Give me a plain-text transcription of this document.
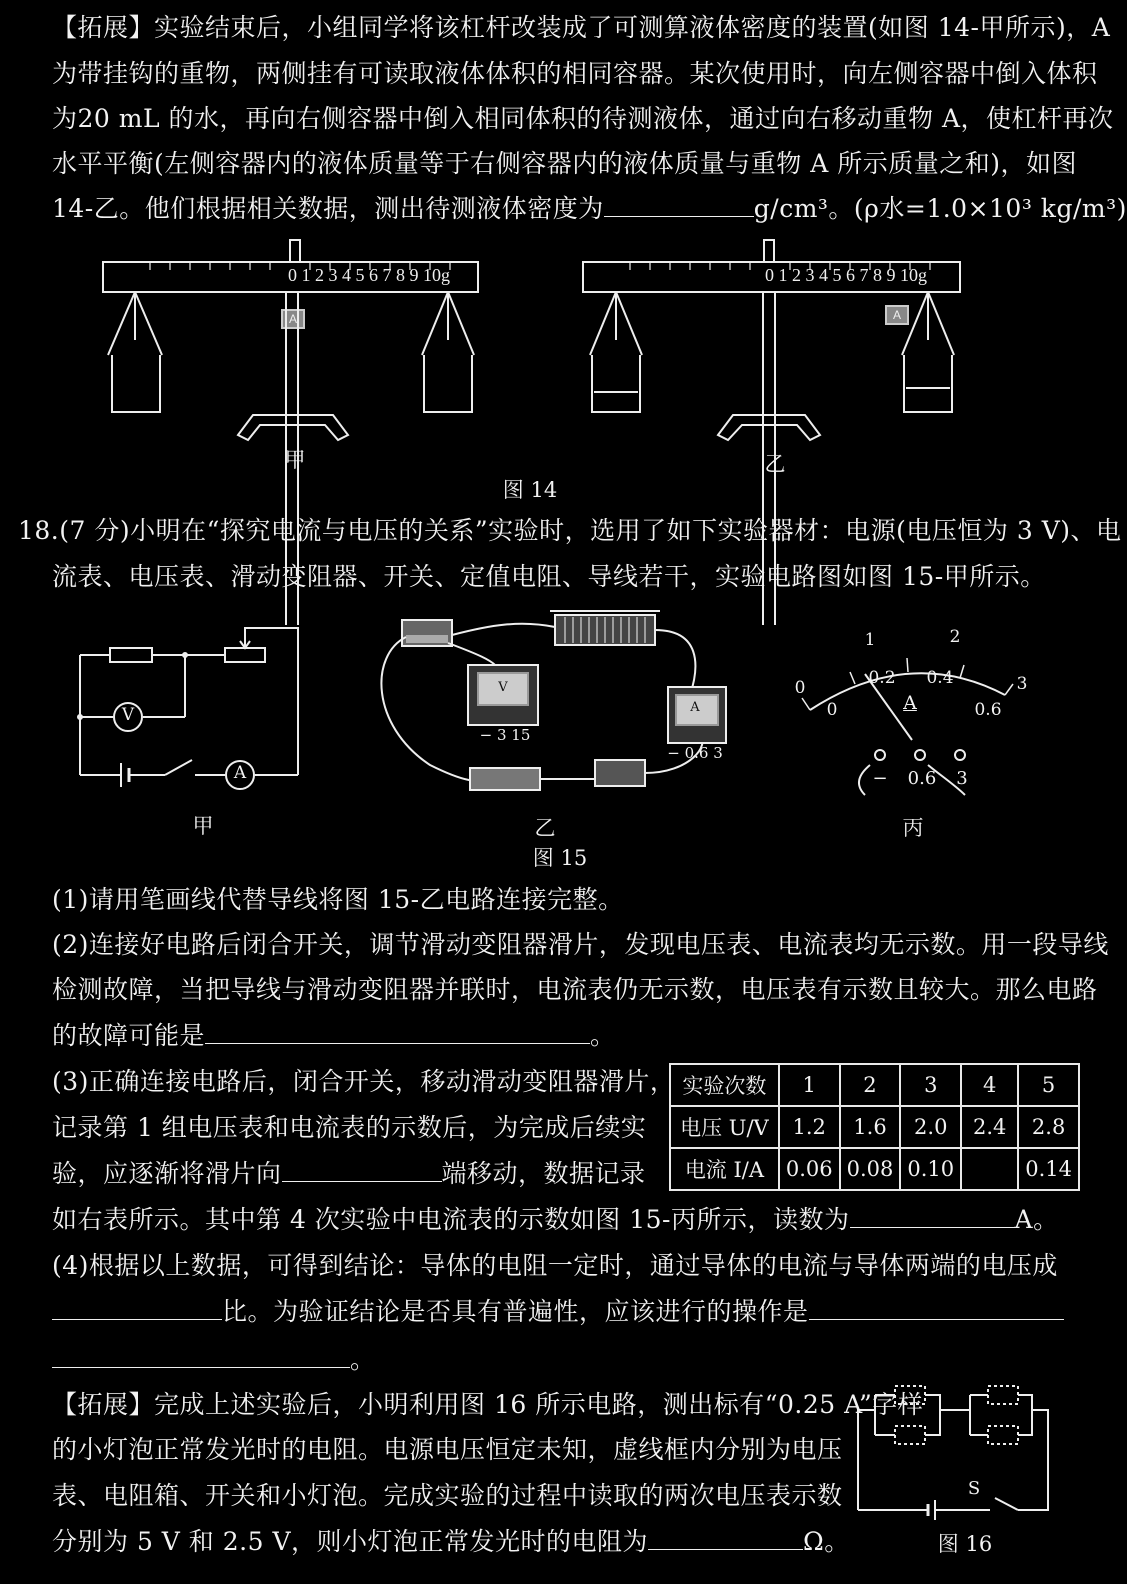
【拓展】实验结束后，小组同学将该杠杆改装成了可测算液体密度的装置(如图 14-甲所示)，A
为带挂钩的重物，两侧挂有可读取液体体积的相同容器。某次使用时，向左侧容器中倒入体积
为20 mL 的水，再向右侧容器中倒入相同体积的待测液体，通过向右移动重物 A，使杠杆再次
水平平衡(左侧容器内的液体质量等于右侧容器内的液体质量与重物 A 所示质量之和)，如图
14-乙。他们根据相关数据，测出待测液体密度为	g/cm³。(ρ水=1.0×10³ kg/m³)
0 1 2 3 4 5 6 7 8 9 10g
A
0 1 2 3 4 5 6 7 8 9 10g
A
甲	乙
图 14
18.(7 分)小明在“探究电流与电压的关系”实验时，选用了如下实验器材：电源(电压恒为 3 V)、电
流表、电压表、滑动变阻器、开关、定值电阻、导线若干，实验电路图如图 15-甲所示。
V
A
V
A
− 3 15
− 0.6 3
0
1	2
3
0
0.2	0.4
0.6
A
− 0.6 3
甲	乙	丙
图 15
(1)请用笔画线代替导线将图 15-乙电路连接完整。
(2)连接好电路后闭合开关，调节滑动变阻器滑片，发现电压表、电流表均无示数。用一段导线
检测故障，当把导线与滑动变阻器并联时，电流表仍无示数，电压表有示数且较大。那么电路
的故障可能是	。
(3)正确连接电路后，闭合开关，移动滑动变阻器滑片，
记录第 1 组电压表和电流表的示数后，为完成后续实
验，应逐渐将滑片向	端移动，数据记录
如右表所示。其中第 4 次实验中电流表的示数如图 15-丙所示，读数为	A。
实验次数	1	2	3	4	5
电压 U/V	1.2	1.6	2.0	2.4	2.8
电流 I/A	0.06	0.08	0.10		0.14
(4)根据以上数据，可得到结论：导体的电阻一定时，通过导体的电流与导体两端的电压成
比。为验证结论是否具有普遍性，应该进行的操作是
。
【拓展】完成上述实验后，小明利用图 16 所示电路，测出标有“0.25 A”字样
的小灯泡正常发光时的电阻。电源电压恒定未知，虚线框内分别为电压
表、电阻箱、开关和小灯泡。完成实验的过程中读取的两次电压表示数
分别为 5 V 和 2.5 V，则小灯泡正常发光时的电阻为	Ω。
S
图 16
